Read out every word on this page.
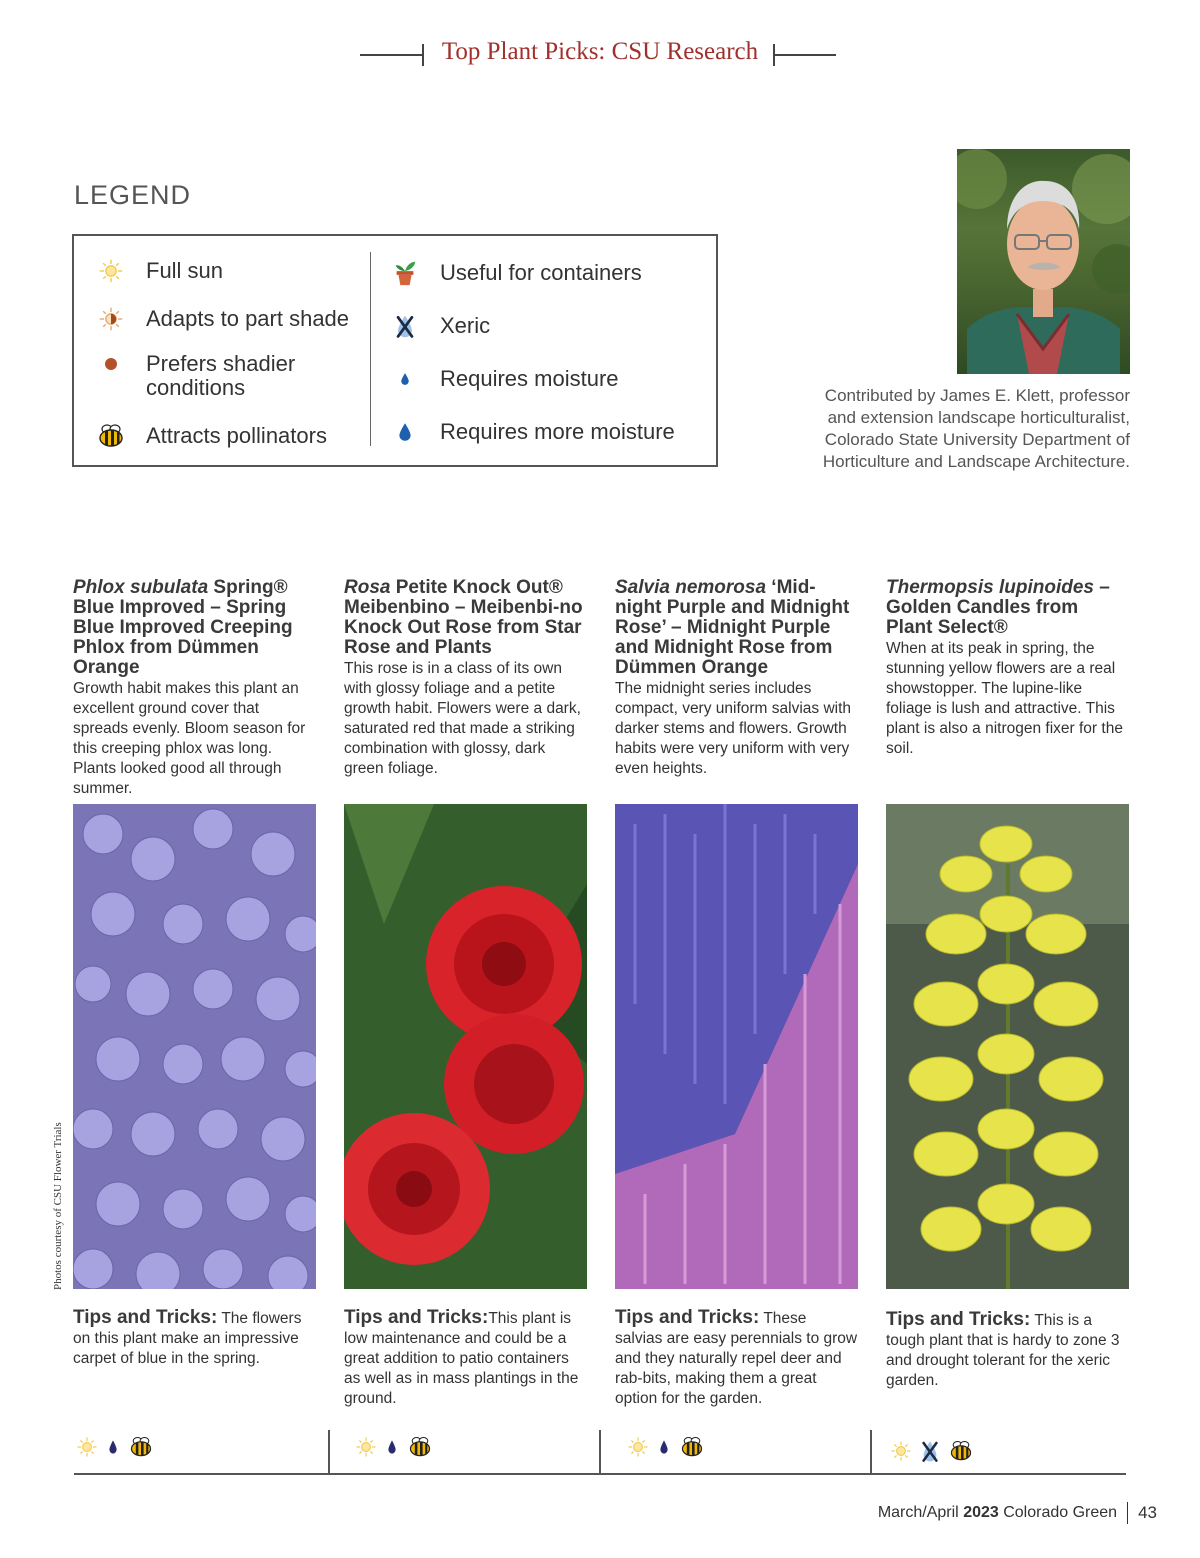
Top Plant Picks: CSU Research
LEGEND
Full sun
Adapts to part shade
Prefers shadier
conditions
Attracts pollinators
Useful for containers
Xeric
Requires moisture
Requires more moisture
Contributed by James E. Klett, professor
and extension landscape horticulturalist,
Colorado State University Department of
Horticulture and Landscape Architecture.
Phlox subulata Spring® Blue Improved – Spring Blue Improved Creeping Phlox from Dümmen Orange
Growth habit makes this plant an excellent ground cover that spreads evenly. Bloom season for this creeping phlox was long. Plants looked good all through summer.
Rosa Petite Knock Out® Meibenbino – Meibenbi-no Knock Out Rose from Star Rose and Plants
This rose is in a class of its own with glossy foliage and a petite growth habit. Flowers were a dark, saturated red that made a striking combination with glossy, dark green foliage.
Salvia nemorosa ‘Mid-night Purple and Midnight Rose’ – Midnight Purple and Midnight Rose from Dümmen Orange
The midnight series includes compact, very uniform salvias with darker stems and flowers. Growth habits were very uniform with very even heights.
Thermopsis lupinoides – Golden Candles from Plant Select®
When at its peak in spring, the stunning yellow flowers are a real showstopper. The lupine-like foliage is lush and attractive. This plant is also a nitrogen fixer for the soil.
Photos courtesy of CSU Flower Trials
Tips and Tricks: The flowers on this plant make an impressive carpet of blue in the spring.
Tips and Tricks:This plant is low maintenance and could be a great addition to patio containers as well as in mass plantings in the ground.
Tips and Tricks: These salvias are easy perennials to grow and they naturally repel deer and rab-bits, making them a great option for the garden.
Tips and Tricks: This is a tough plant that is hardy to zone 3 and drought tolerant for the xeric garden.
March/April 2023 Colorado Green 43
